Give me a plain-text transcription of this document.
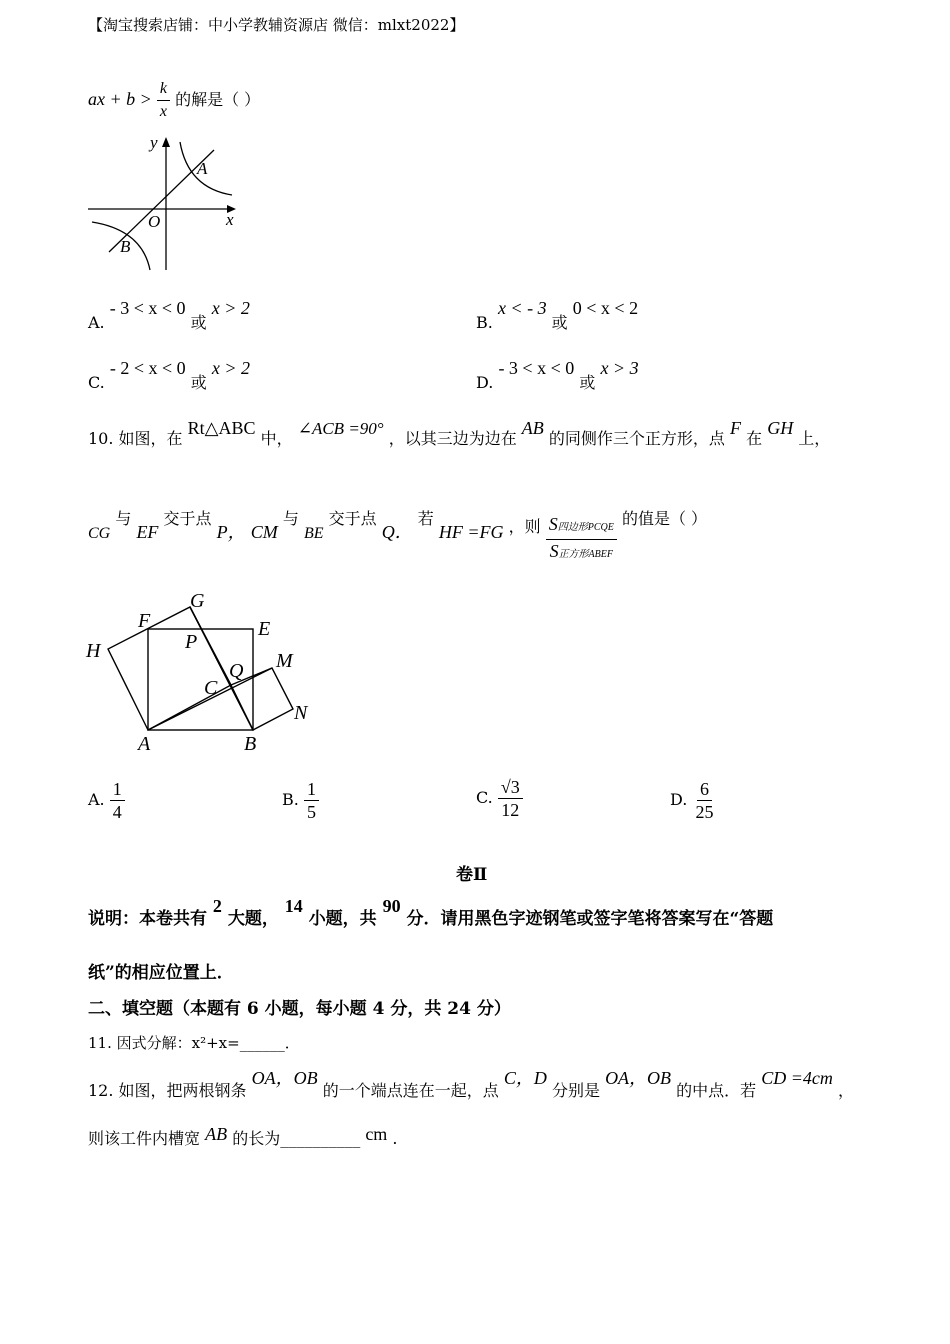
【淘宝搜索店铺：中小学教辅资源店 微信：mlxt2022】
ax + $b > \frac{k}{x}$ 的解是（ ）
y
x
O
A
B
A. - 3 < x < 0 或 x > 2
B. x < - 3 或 0 < x < 2
C. - 2 < x < 0 或 x > 2
D. - 3 < x < 0 或 x > 3
10. 如图，在 Rt△ABC 中， ∠ACB =90° ，以其三边为边在 AB 的同侧作三个正方形，点 F 在 GH 上，
CG 与 EF 交于点 P， CM 与 BE 交于点 Q． 若 HF =FG ，则 $\frac{\text{S四边形PCQE}}{\text{S正方形ABEF}}$ 的值是（ ）
H
F
G
E
P
Q
C
M
N
A	B
A. $\frac{1}{4}$	B. $\frac{1}{5}$	C. $\frac{√3}{12}$	D. $\frac{6}{25}$
卷Ⅱ
说明：本卷共有 2 大题， 14 小题，共 90 分．请用黑色字迹钢笔或签字笔将答案写在“答题
纸”的相应位置上．
二、填空题（本题有 6 小题，每小题 4 分，共 24 分）
11. 因式分解：x²+x=______．
12. 如图，把两根钢条 OA，OB 的一个端点连在一起，点 C，D 分别是 OA，OB 的中点．若 CD =4cm ，
则该工件内槽宽 AB 的长为__________ cm .
